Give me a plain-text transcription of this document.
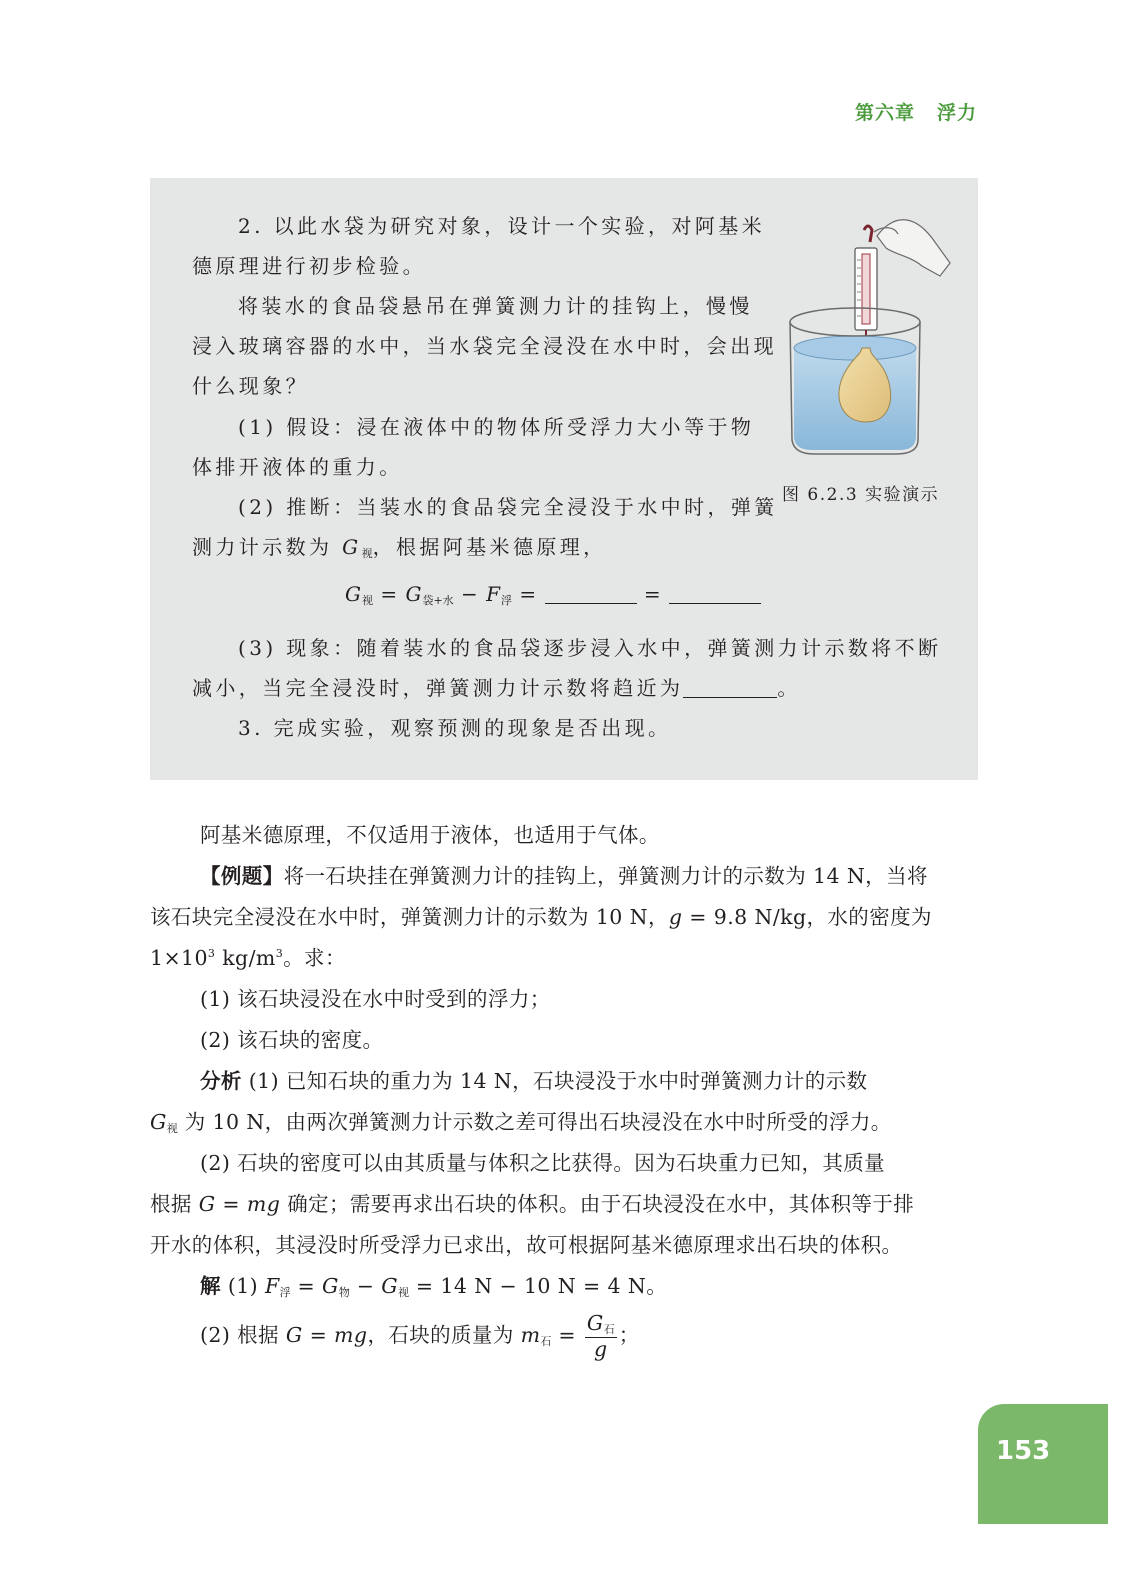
第六章 浮力

2. 以此水袋为研究对象，设计一个实验，对阿基米

德原理进行初步检验。

将装水的食品袋悬吊在弹簧测力计的挂钩上，慢慢

浸入玻璃容器的水中，当水袋完全浸没在水中时，会出现

什么现象？

(1) 假设：浸在液体中的物体所受浮力大小等于物

体排开液体的重力。

(2) 推断：当装水的食品袋完全浸没于水中时，弹簧

测力计示数为 $G_视$，根据阿基米德原理，

$G_视 = G_{袋+水} - F_浮$ =	=

(3) 现象：随着装水的食品袋逐步浸入水中，弹簧测力计示数将不断

减小，当完全浸没时，弹簧测力计示数将趋近为	。

3. 完成实验，观察预测的现象是否出现。

图 6.2.3 实验演示

阿基米德原理，不仅适用于液体，也适用于气体。

【例题】将一石块挂在弹簧测力计的挂钩上，弹簧测力计的示数为 14 N，当将

该石块完全浸没在水中时，弹簧测力计的示数为 10 N，g = 9.8 N/kg，水的密度为

$1\times 10^3$ $kg/m^3$。求：

(1) 该石块浸没在水中时受到的浮力；

(2) 该石块的密度。

分析 (1) 已知石块的重力为 14 N，石块浸没于水中时弹簧测力计的示数

$G_视$ 为 10 N，由两次弹簧测力计示数之差可得出石块浸没在水中时所受的浮力。

(2) 石块的密度可以由其质量与体积之比获得。因为石块重力已知，其质量

根据 G = mg 确定；需要再求出石块的体积。由于石块浸没在水中，其体积等于排

开水的体积，其浸没时所受浮力已求出，故可根据阿基米德原理求出石块的体积。

解 (1) $F_浮 = G_物 - G_视 = 14$ N − 10 N = 4 N。

(2) 根据 G = mg，石块的质量为 $m_石 = \frac{G_石}{g}$ ；

153
